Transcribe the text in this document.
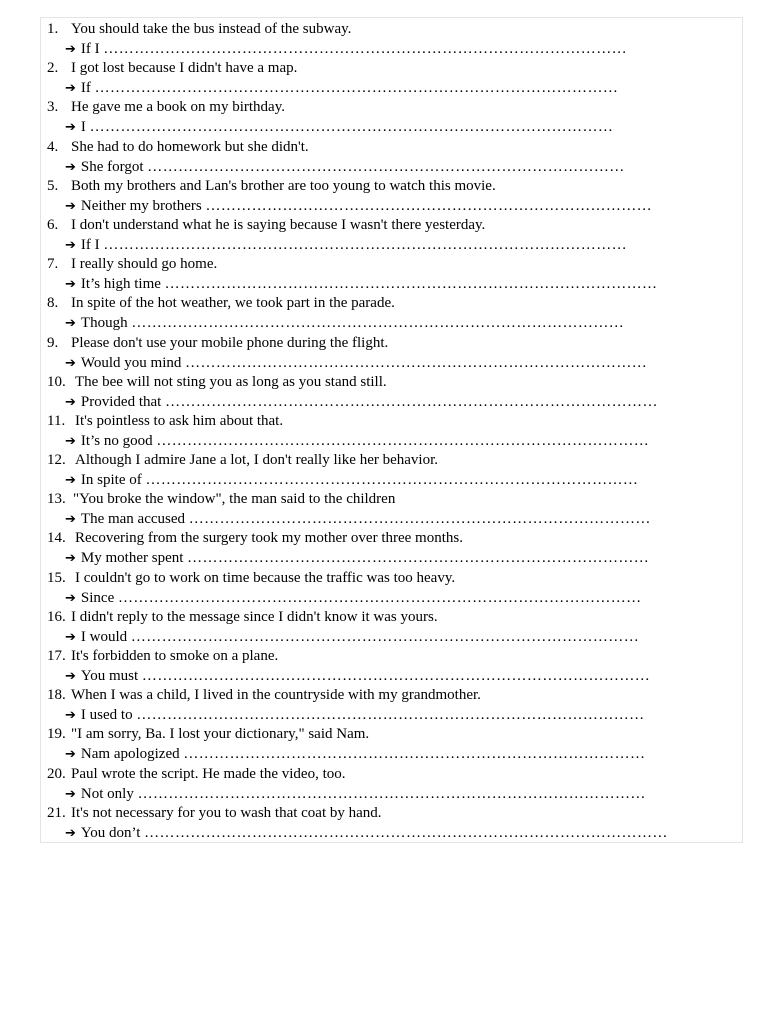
1. You should take the bus instead of the subway.
➔ If I …………………………………………………………………………………………
2. I got lost because I didn't have a map.
➔ If …………………………………………………………………………………………
3. He gave me a book on my birthday.
➔ I …………………………………………………………………………………………
4. She had to do homework but she didn't.
➔ She forgot …………………………………………………………………………………
5. Both my brothers and Lan's brother are too young to watch this movie.
➔ Neither my brothers ……………………………………………………………………………
6. I don't understand what he is saying because I wasn't there yesterday.
➔ If I …………………………………………………………………………………………
7. I really should go home.
➔ It’s high time ……………………………………………………………………………………
8. In spite of the hot weather, we took part in the parade.
➔ Though ……………………………………………………………………………………
9. Please don't use your mobile phone during the flight.
➔ Would you mind ………………………………………………………………………………
10. The bee will not sting you as long as you stand still.
➔ Provided that ……………………………………………………………………………………
11. It's pointless to ask him about that.
➔ It’s no good ……………………………………………………………………………………
12. Although I admire Jane a lot, I don't really like her behavior.
➔ In spite of ……………………………………………………………………………………
13. "You broke the window", the man said to the children
➔ The man accused ………………………………………………………………………………
14. Recovering from the surgery took my mother over three months.
➔ My mother spent ………………………………………………………………………………
15. I couldn't go to work on time because the traffic was too heavy.
➔ Since …………………………………………………………………………………………
16. I didn't reply to the message since I didn't know it was yours.
➔ I would ………………………………………………………………………………………
17. It's forbidden to smoke on a plane.
➔ You must ………………………………………………………………………………………
18. When I was a child, I lived in the countryside with my grandmother.
➔ I used to ………………………………………………………………………………………
19. "I am sorry, Ba. I lost your dictionary," said Nam.
➔ Nam apologized ………………………………………………………………………………
20. Paul wrote the script. He made the video, too.
➔ Not only ………………………………………………………………………………………
21. It's not necessary for you to wash that coat by hand.
➔ You don’t …………………………………………………………………………………………
